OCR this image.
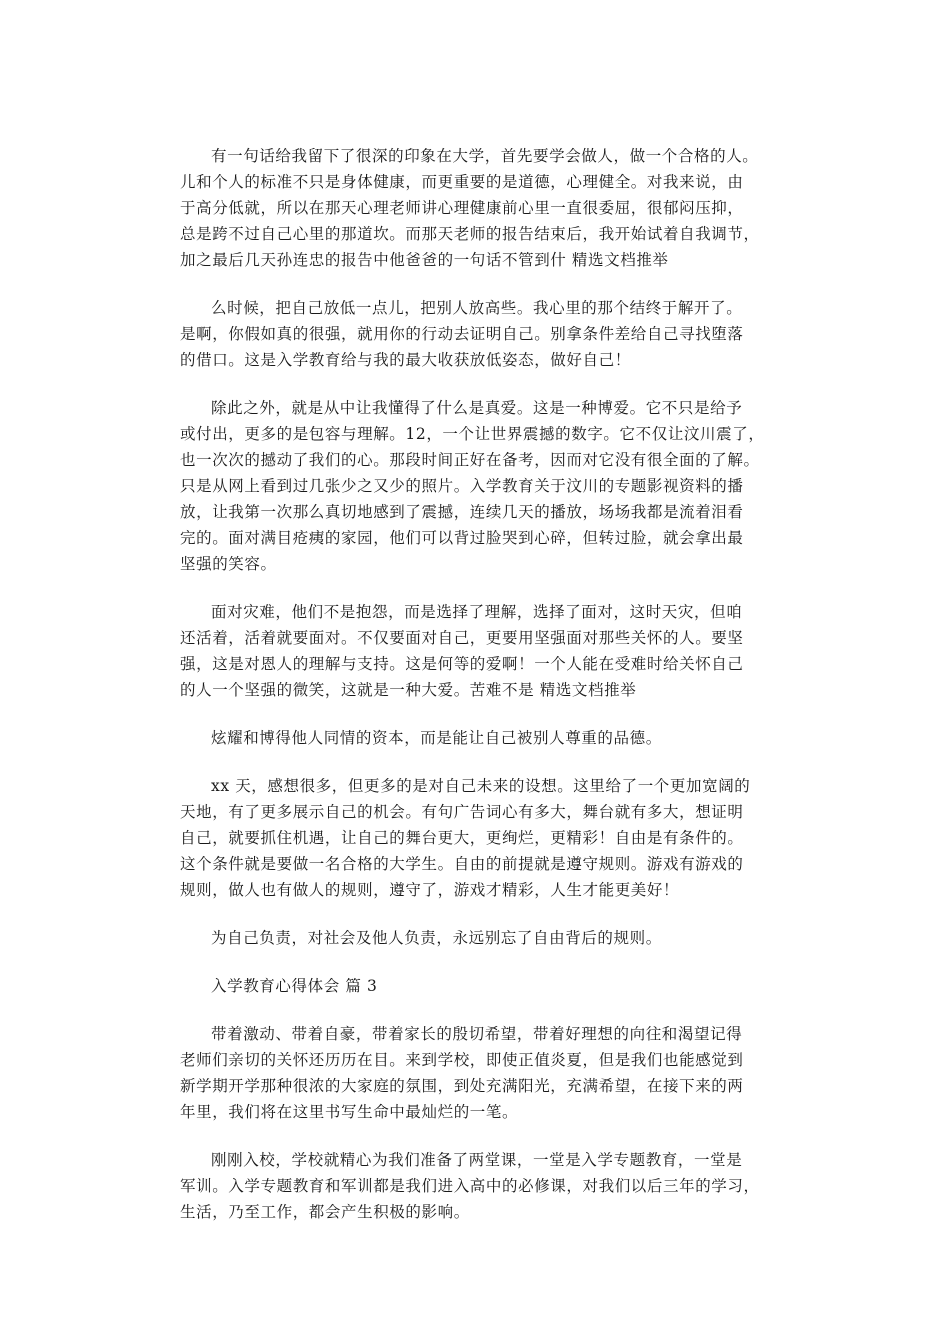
有一句话给我留下了很深的印象在大学，首先要学会做人，做一个合格的人。
儿和个人的标准不只是身体健康，而更重要的是道德，心理健全。对我来说，由
于高分低就，所以在那天心理老师讲心理健康前心里一直很委屈，很郁闷压抑，
总是跨不过自己心里的那道坎。而那天老师的报告结束后，我开始试着自我调节，
加之最后几天孙连忠的报告中他爸爸的一句话不管到什 精选文档推举

么时候，把自己放低一点儿，把别人放高些。我心里的那个结终于解开了。
是啊，你假如真的很强，就用你的行动去证明自己。别拿条件差给自己寻找堕落
的借口。这是入学教育给与我的最大收获放低姿态，做好自己！

除此之外，就是从中让我懂得了什么是真爱。这是一种博爱。它不只是给予
或付出，更多的是包容与理解。12，一个让世界震撼的数字。它不仅让汶川震了，
也一次次的撼动了我们的心。那段时间正好在备考，因而对它没有很全面的了解。
只是从网上看到过几张少之又少的照片。入学教育关于汶川的专题影视资料的播
放，让我第一次那么真切地感到了震撼，连续几天的播放，场场我都是流着泪看
完的。面对满目疮痍的家园，他们可以背过脸哭到心碎，但转过脸，就会拿出最
坚强的笑容。

面对灾难，他们不是抱怨，而是选择了理解，选择了面对，这时天灾，但咱
还活着，活着就要面对。不仅要面对自己，更要用坚强面对那些关怀的人。要坚
强，这是对恩人的理解与支持。这是何等的爱啊！一个人能在受难时给关怀自己
的人一个坚强的微笑，这就是一种大爱。苦难不是 精选文档推举

炫耀和博得他人同情的资本，而是能让自己被别人尊重的品德。

xx 天，感想很多，但更多的是对自己未来的设想。这里给了一个更加宽阔的
天地，有了更多展示自己的机会。有句广告词心有多大，舞台就有多大，想证明
自己，就要抓住机遇，让自己的舞台更大，更绚烂，更精彩！自由是有条件的。
这个条件就是要做一名合格的大学生。自由的前提就是遵守规则。游戏有游戏的
规则，做人也有做人的规则，遵守了，游戏才精彩，人生才能更美好！

为自己负责，对社会及他人负责，永远别忘了自由背后的规则。

入学教育心得体会 篇 3

带着激动、带着自豪，带着家长的殷切希望，带着好理想的向往和渴望记得
老师们亲切的关怀还历历在目。来到学校，即使正值炎夏，但是我们也能感觉到
新学期开学那种很浓的大家庭的氛围，到处充满阳光，充满希望，在接下来的两
年里，我们将在这里书写生命中最灿烂的一笔。

刚刚入校，学校就精心为我们准备了两堂课，一堂是入学专题教育，一堂是
军训。入学专题教育和军训都是我们进入高中的必修课，对我们以后三年的学习，
生活，乃至工作，都会产生积极的影响。
